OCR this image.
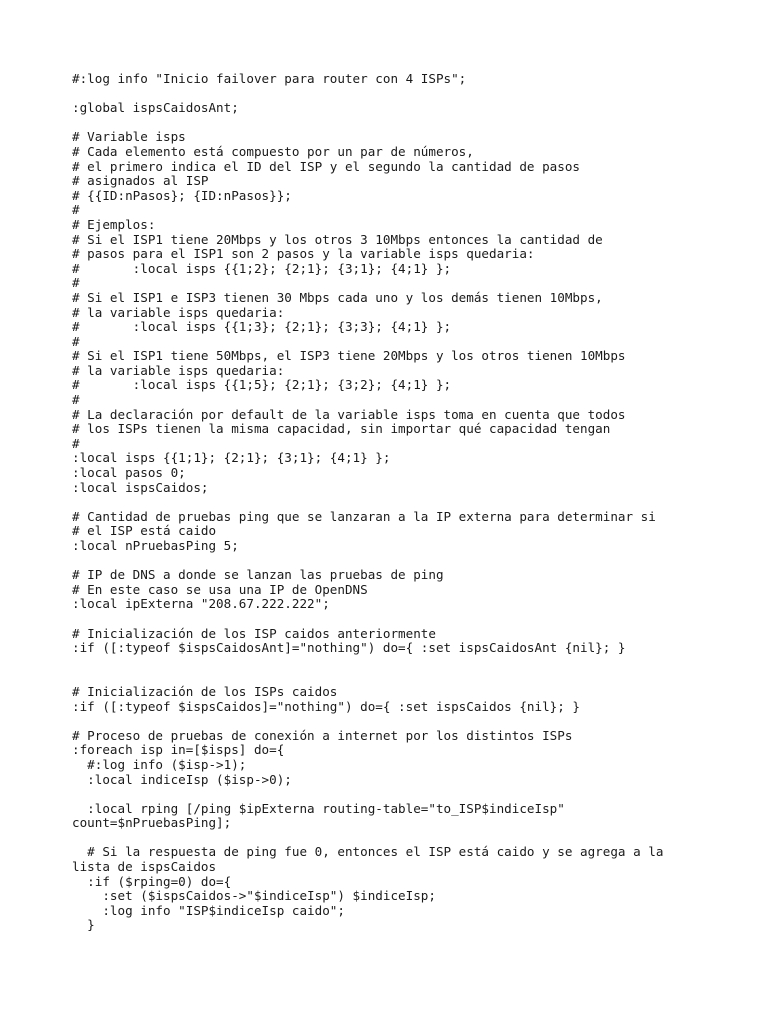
#:log info "Inicio failover para router con 4 ISPs";
:global ispsCaidosAnt;
# Variable isps
# Cada elemento está compuesto por un par de números,
# el primero indica el ID del ISP y el segundo la cantidad de pasos
# asignados al ISP
# {{ID:nPasos}; {ID:nPasos}};
#
# Ejemplos:
# Si el ISP1 tiene 20Mbps y los otros 3 10Mbps entonces la cantidad de
# pasos para el ISP1 son 2 pasos y la variable isps quedaria:
#       :local isps {{1;2}; {2;1}; {3;1}; {4;1} };
#
# Si el ISP1 e ISP3 tienen 30 Mbps cada uno y los demás tienen 10Mbps,
# la variable isps quedaria:
#       :local isps {{1;3}; {2;1}; {3;3}; {4;1} };
#
# Si el ISP1 tiene 50Mbps, el ISP3 tiene 20Mbps y los otros tienen 10Mbps
# la variable isps quedaria:
#       :local isps {{1;5}; {2;1}; {3;2}; {4;1} };
#
# La declaración por default de la variable isps toma en cuenta que todos
# los ISPs tienen la misma capacidad, sin importar qué capacidad tengan
#
:local isps {{1;1}; {2;1}; {3;1}; {4;1} };
:local pasos 0;
:local ispsCaidos;
# Cantidad de pruebas ping que se lanzaran a la IP externa para determinar si
# el ISP está caido
:local nPruebasPing 5;
# IP de DNS a donde se lanzan las pruebas de ping
# En este caso se usa una IP de OpenDNS
:local ipExterna "208.67.222.222";
# Inicialización de los ISP caidos anteriormente
:if ([:typeof $ispsCaidosAnt]="nothing") do={ :set ispsCaidosAnt {nil}; }
# Inicialización de los ISPs caidos
:if ([:typeof $ispsCaidos]="nothing") do={ :set ispsCaidos {nil}; }
# Proceso de pruebas de conexión a internet por los distintos ISPs
:foreach isp in=[$isps] do={
#:log info ($isp->1);
:local indiceIsp ($isp->0);
:local rping [/ping $ipExterna routing-table="to_ISP$indiceIsp"
count=$nPruebasPing];
# Si la respuesta de ping fue 0, entonces el ISP está caido y se agrega a la
lista de ispsCaidos
:if ($rping=0) do={
:set ($ispsCaidos->"$indiceIsp") $indiceIsp;
:log info "ISP$indiceIsp caido";
}
